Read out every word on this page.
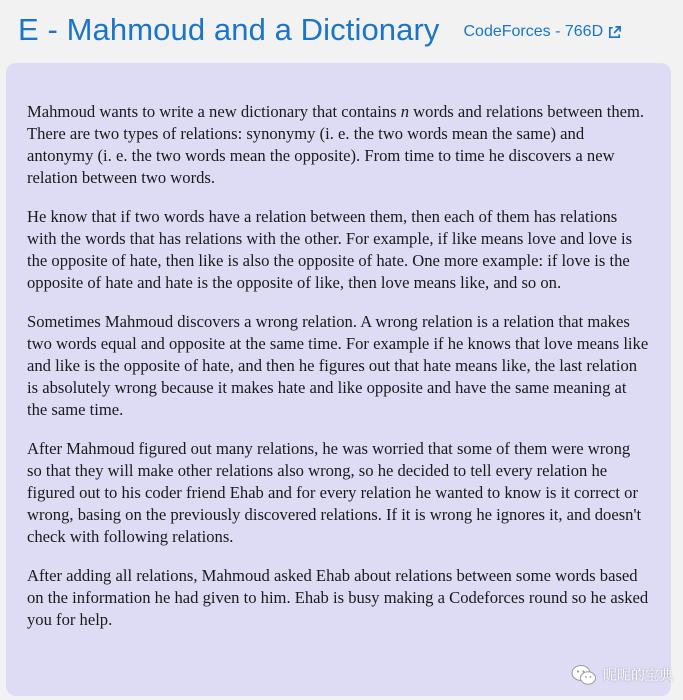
E - Mahmoud and a Dictionary CodeForces - 766D

Mahmoud wants to write a new dictionary that contains n words and relations between them. There are two types of relations: synonymy (i. e. the two words mean the same) and antonymy (i. e. the two words mean the opposite). From time to time he discovers a new relation between two words.

He know that if two words have a relation between them, then each of them has relations with the words that has relations with the other. For example, if like means love and love is the opposite of hate, then like is also the opposite of hate. One more example: if love is the opposite of hate and hate is the opposite of like, then love means like, and so on.

Sometimes Mahmoud discovers a wrong relation. A wrong relation is a relation that makes two words equal and opposite at the same time. For example if he knows that love means like and like is the opposite of hate, and then he figures out that hate means like, the last relation is absolutely wrong because it makes hate and like opposite and have the same meaning at the same time.

After Mahmoud figured out many relations, he was worried that some of them were wrong so that they will make other relations also wrong, so he decided to tell every relation he figured out to his coder friend Ehab and for every relation he wanted to know is it correct or wrong, basing on the previously discovered relations. If it is wrong he ignores it, and doesn't check with following relations.

After adding all relations, Mahmoud asked Ehab about relations between some words based on the information he had given to him. Ehab is busy making a Codeforces round so he asked you for help.

昵昵的宝典
